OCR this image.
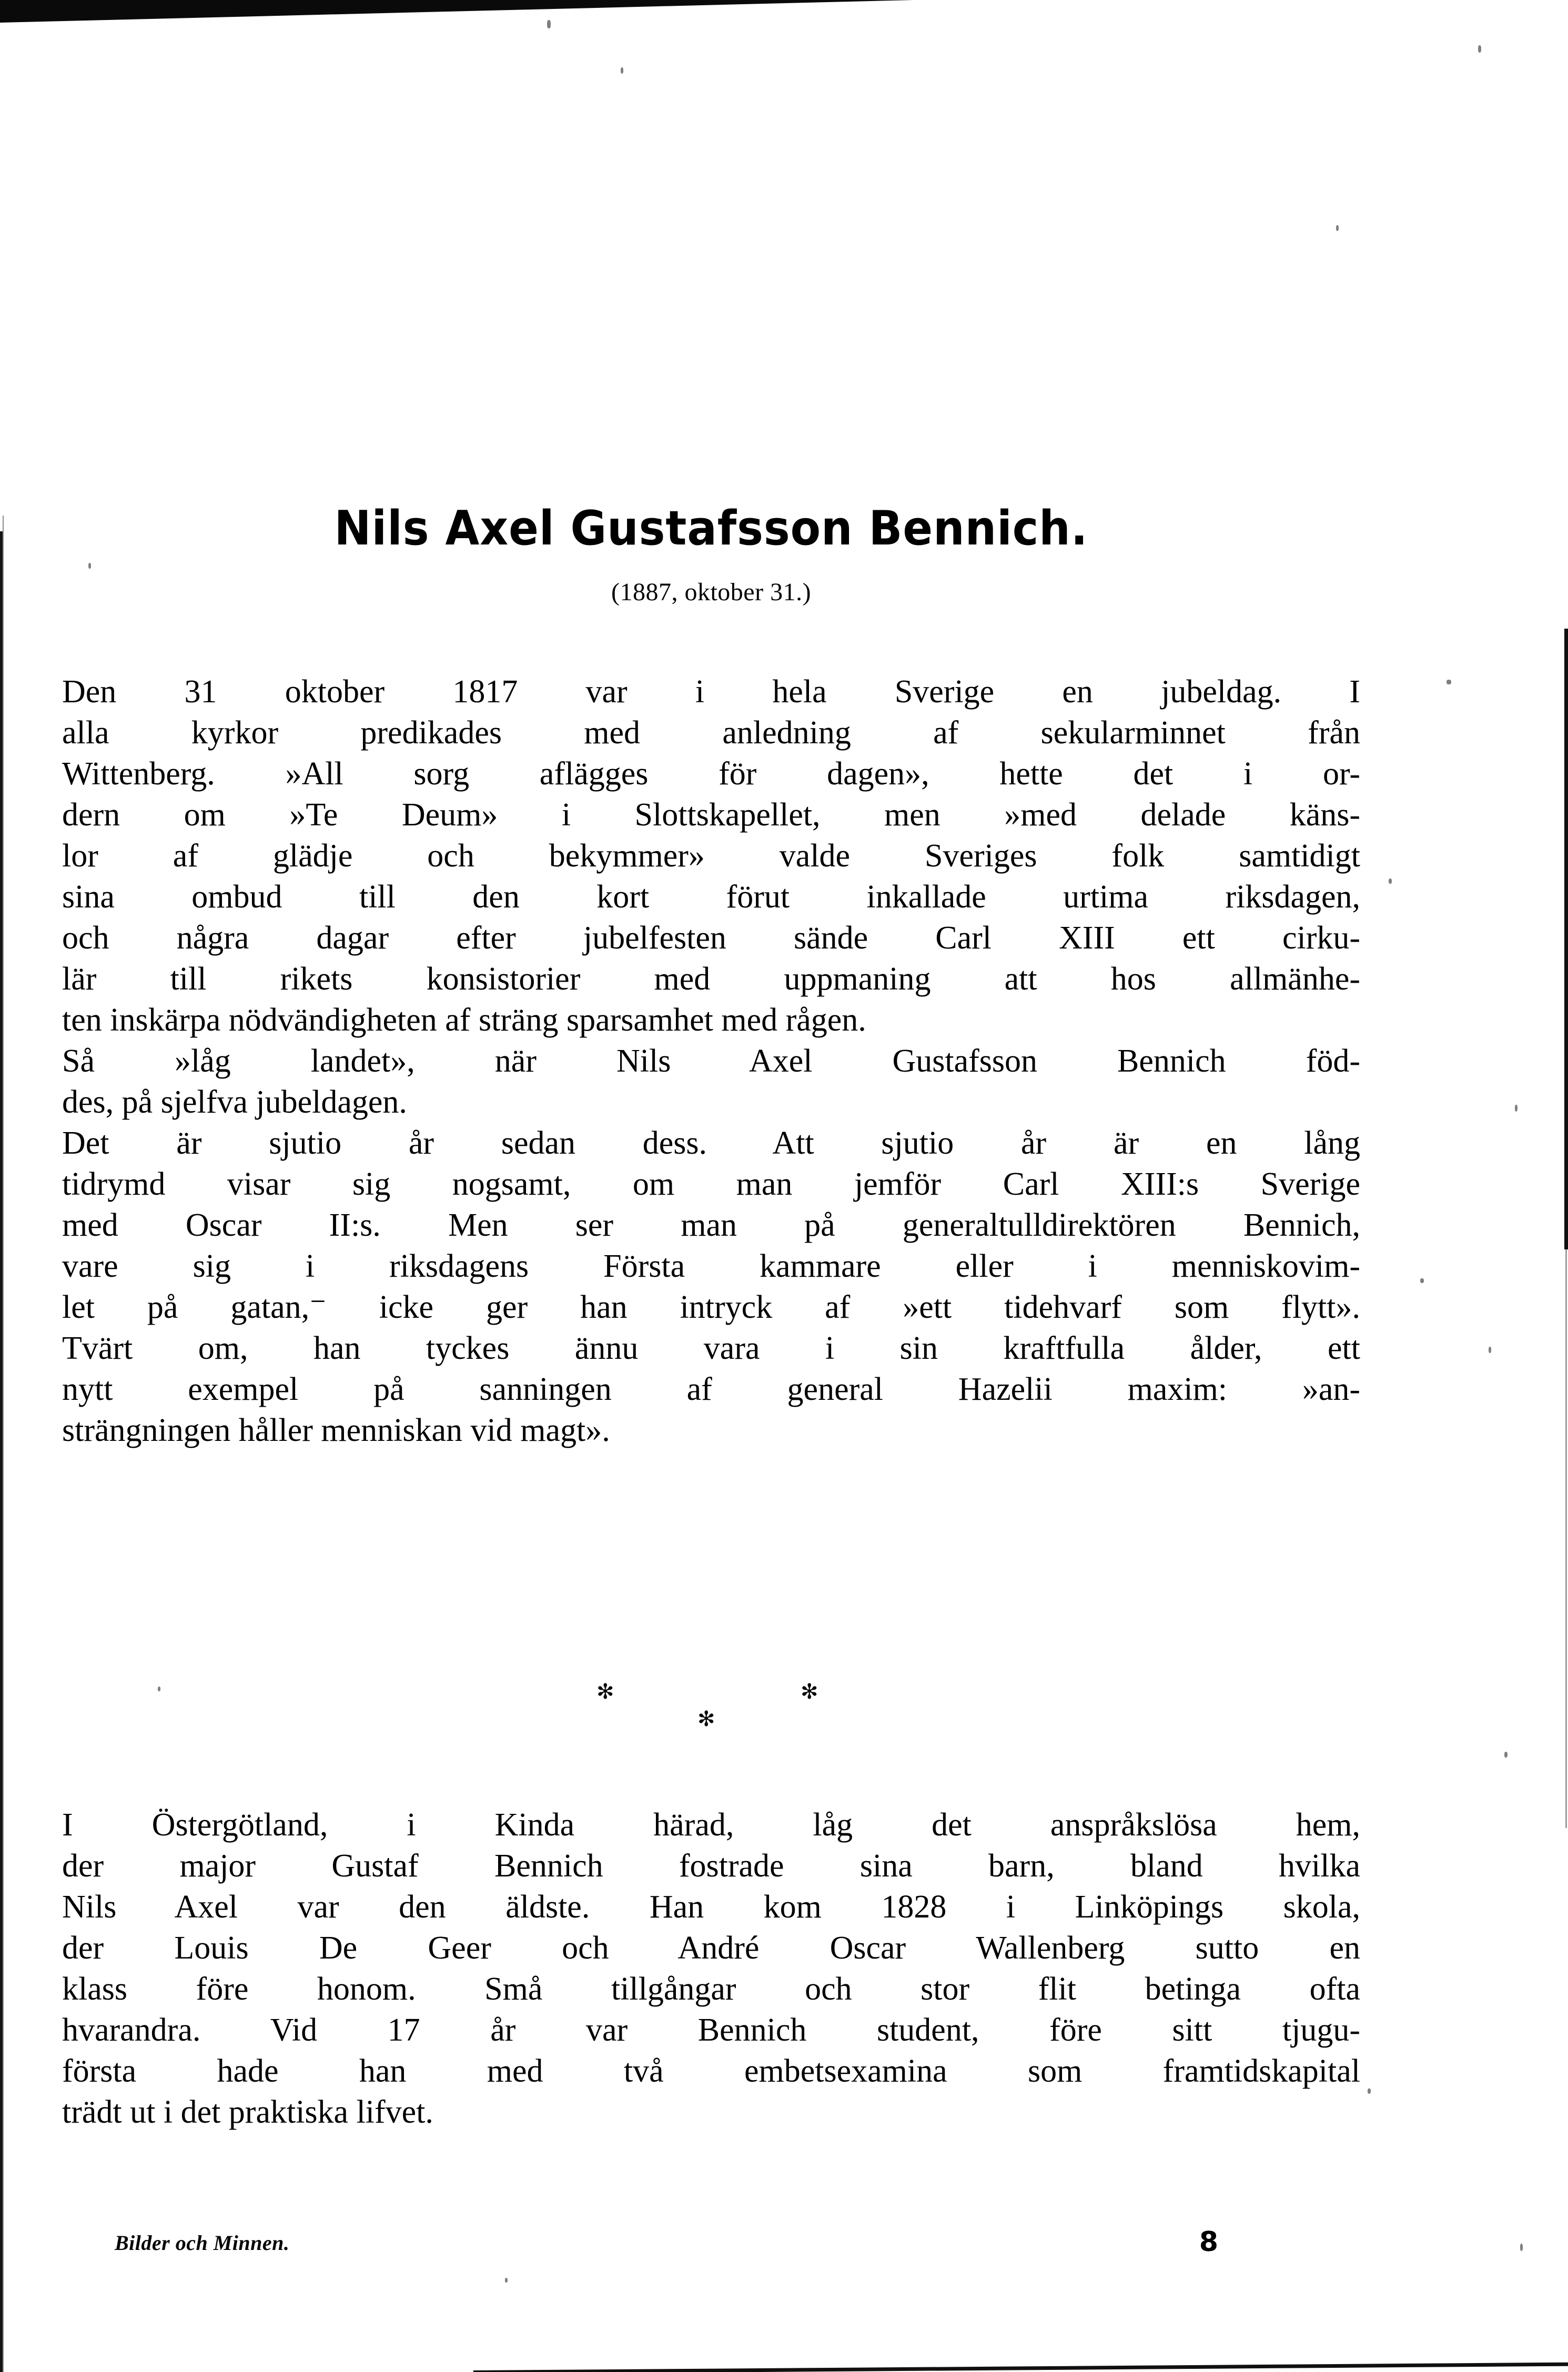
Nils Axel Gustafsson Bennich.
(1887, oktober 31.)
Den 31 oktober 1817 var i hela Sverige en jubeldag. I
alla kyrkor predikades med anledning af sekularminnet från
Wittenberg. »All sorg aflägges för dagen», hette det i or-
dern om »Te Deum» i Slottskapellet, men »med delade käns-
lor af glädje och bekymmer» valde Sveriges folk samtidigt
sina ombud till den kort förut inkallade urtima riksdagen,
och några dagar efter jubelfesten sände Carl XIII ett cirku-
lär till rikets konsistorier med uppmaning att hos allmänhe-
ten inskärpa nödvändigheten af sträng sparsamhet med rågen.
Så »låg landet», när Nils Axel Gustafsson Bennich föd-
des, på sjelfva jubeldagen.
Det är sjutio år sedan dess. Att sjutio år är en lång
tidrymd visar sig nogsamt, om man jemför Carl XIII:s Sverige
med Oscar II:s. Men ser man på generaltulldirektören Bennich,
vare sig i riksdagens Första kammare eller i menniskovim-
let på gatan,⁻ icke ger han intryck af »ett tidehvarf som flytt».
Tvärt om, han tyckes ännu vara i sin kraftfulla ålder, ett
nytt exempel på sanningen af general Hazelii maxim: »an-
strängningen håller menniskan vid magt».
✻	✻
✻
I Östergötland, i Kinda härad, låg det anspråkslösa hem,
der major Gustaf Bennich fostrade sina barn, bland hvilka
Nils Axel var den äldste. Han kom 1828 i Linköpings skola,
der Louis De Geer och André Oscar Wallenberg sutto en
klass före honom. Små tillgångar och stor flit betinga ofta
hvarandra. Vid 17 år var Bennich student, före sitt tjugu-
första hade han med två embetsexamina som framtidskapital
trädt ut i det praktiska lifvet.
Bilder och Minnen.	8
